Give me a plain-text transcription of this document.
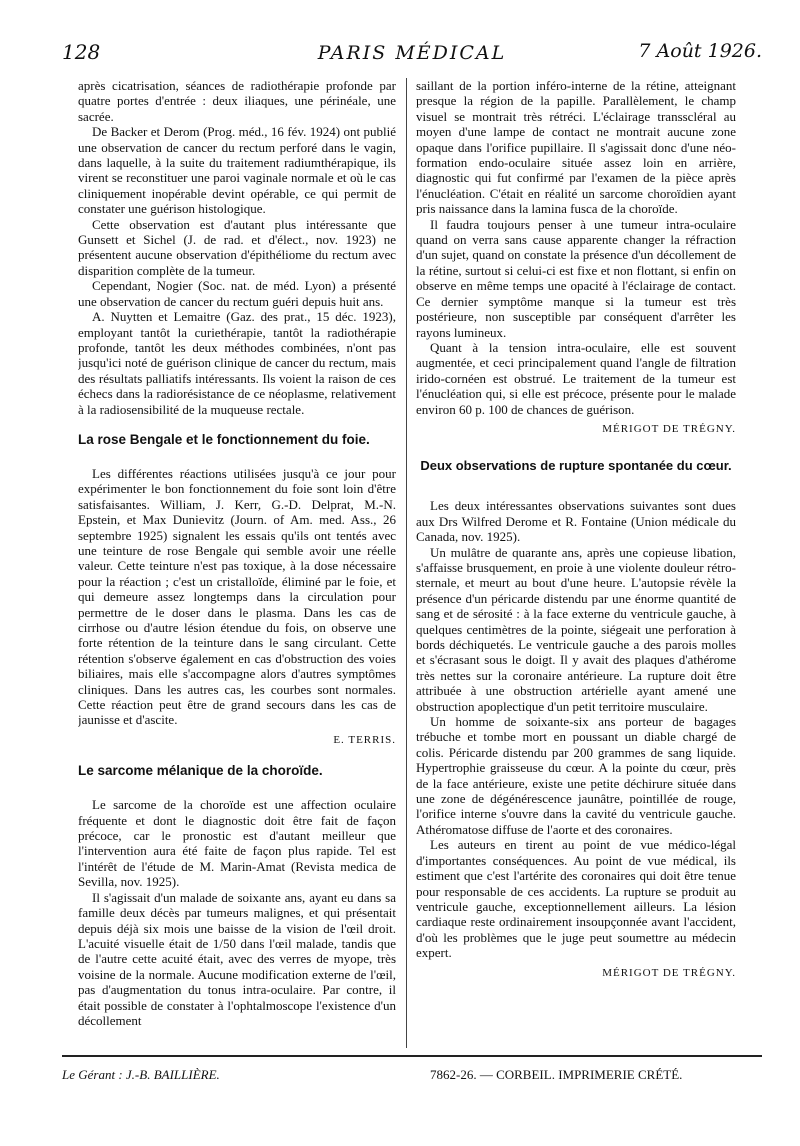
128	PARIS MÉDICAL	7 Août 1926.

après cicatrisation, séances de radiothérapie profonde par quatre portes d'entrée : deux iliaques, une périnéale, une sacrée.

De Backer et Derom (Prog. méd., 16 fév. 1924) ont publié une observation de cancer du rectum perforé dans le vagin, dans laquelle, à la suite du traitement radiumthérapique, ils virent se reconstituer une paroi vaginale normale et où le cas cliniquement inopérable devint opérable, ce qui permit de constater une guérison histologique.

Cette observation est d'autant plus intéressante que Gunsett et Sichel (J. de rad. et d'élect., nov. 1923) ne présentent aucune observation d'épithéliome du rectum avec disparition complète de la tumeur.

Cependant, Nogier (Soc. nat. de méd. Lyon) a présenté une observation de cancer du rectum guéri depuis huit ans.

A. Nuytten et Lemaitre (Gaz. des prat., 15 déc. 1923), employant tantôt la curiethérapie, tantôt la radiothérapie profonde, tantôt les deux méthodes combinées, n'ont pas jusqu'ici noté de guérison clinique de cancer du rectum, mais des résultats palliatifs intéressants. Ils voient la raison de ces échecs dans la radiorésistance de ce néoplasme, relativement à la radiosensibilité de la muqueuse rectale.

La rose Bengale et le fonctionnement du foie.

Les différentes réactions utilisées jusqu'à ce jour pour expérimenter le bon fonctionnement du foie sont loin d'être satisfaisantes. William, J. Kerr, G.-D. Delprat, M.-N. Epstein, et Max Dunievitz (Journ. of Am. med. Ass., 26 septembre 1925) signalent les essais qu'ils ont tentés avec une teinture de rose Bengale qui semble avoir une réelle valeur. Cette teinture n'est pas toxique, à la dose nécessaire pour la réaction ; c'est un cristalloïde, éliminé par le foie, et qui demeure assez longtemps dans la circulation pour permettre de le doser dans le plasma. Dans les cas de cirrhose ou d'autre lésion étendue du fois, on observe une forte rétention de la teinture dans le sang circulant. Cette rétention s'observe également en cas d'obstruction des voies biliaires, mais elle s'accompagne alors d'autres symptômes cliniques. Dans les autres cas, les courbes sont normales. Cette réaction peut être de grand secours dans les cas de jaunisse et d'ascite.

E. TERRIS.

Le sarcome mélanique de la choroïde.

Le sarcome de la choroïde est une affection oculaire fréquente et dont le diagnostic doit être fait de façon précoce, car le pronostic est d'autant meilleur que l'intervention aura été faite de façon plus rapide. Tel est l'intérêt de l'étude de M. Marin-Amat (Revista medica de Sevilla, nov. 1925).

Il s'agissait d'un malade de soixante ans, ayant eu dans sa famille deux décès par tumeurs malignes, et qui présentait depuis déjà six mois une baisse de la vision de l'œil droit. L'acuité visuelle était de 1/50 dans l'œil malade, tandis que de l'autre cette acuité était, avec des verres de myope, très voisine de la normale. Aucune modification externe de l'œil, pas d'augmentation du tonus intra-oculaire. Par contre, il était possible de constater à l'ophtalmoscope l'existence d'un décollement

saillant de la portion inféro-interne de la rétine, atteignant presque la région de la papille. Parallèlement, le champ visuel se montrait très rétréci. L'éclairage transscléral au moyen d'une lampe de contact ne montrait aucune zone opaque dans l'orifice pupillaire. Il s'agissait donc d'une néo-formation endo-oculaire située assez loin en arrière, diagnostic qui fut confirmé par l'examen de la pièce après l'énucléation. C'était en réalité un sarcome choroïdien ayant pris naissance dans la lamina fusca de la choroïde.

Il faudra toujours penser à une tumeur intra-oculaire quand on verra sans cause apparente changer la réfraction d'un sujet, quand on constate la présence d'un décollement de la rétine, surtout si celui-ci est fixe et non flottant, si enfin on observe en même temps une opacité à l'éclairage de contact. Ce dernier symptôme manque si la tumeur est très postérieure, non susceptible par conséquent d'arrêter les rayons lumineux.

Quant à la tension intra-oculaire, elle est souvent augmentée, et ceci principalement quand l'angle de filtration irido-cornéen est obstrué. Le traitement de la tumeur est l'énucléation qui, si elle est précoce, présente pour le malade environ 60 p. 100 de chances de guérison.

MÉRIGOT DE TRÉGNY.

Deux observations de rupture spontanée du cœur.

Les deux intéressantes observations suivantes sont dues aux Drs Wilfred Derome et R. Fontaine (Union médicale du Canada, nov. 1925).

Un mulâtre de quarante ans, après une copieuse libation, s'affaisse brusquement, en proie à une violente douleur rétro-sternale, et meurt au bout d'une heure. L'autopsie révèle la présence d'un péricarde distendu par une énorme quantité de sang et de sérosité : à la face externe du ventricule gauche, à quelques centimètres de la pointe, siégeait une perforation à bords déchiquetés. Le ventricule gauche a des parois molles et s'écrasant sous le doigt. Il y avait des plaques d'athérome très nettes sur la coronaire antérieure. La rupture doit être attribuée à une obstruction artérielle ayant amené une obstruction apoplectique d'un petit territoire musculaire.

Un homme de soixante-six ans porteur de bagages trébuche et tombe mort en poussant un diable chargé de colis. Péricarde distendu par 200 grammes de sang liquide. Hypertrophie graisseuse du cœur. A la pointe du cœur, près de la face antérieure, existe une petite déchirure située dans une zone de dégénérescence jaunâtre, pointillée de rouge, l'orifice interne s'ouvre dans la cavité du ventricule gauche. Athéromatose diffuse de l'aorte et des coronaires.

Les auteurs en tirent au point de vue médico-légal d'importantes conséquences. Au point de vue médical, ils estiment que c'est l'artérite des coronaires qui doit être tenue pour responsable de ces accidents. La rupture se produit au ventricule gauche, exceptionnellement ailleurs. La lésion cardiaque reste ordinairement insoupçonnée avant l'accident, d'où les problèmes que le juge peut soumettre au médecin expert.

MÉRIGOT DE TRÉGNY.

Le Gérant : J.-B. BAILLIÈRE.	7862-26. — CORBEIL. IMPRIMERIE CRÉTÉ.
